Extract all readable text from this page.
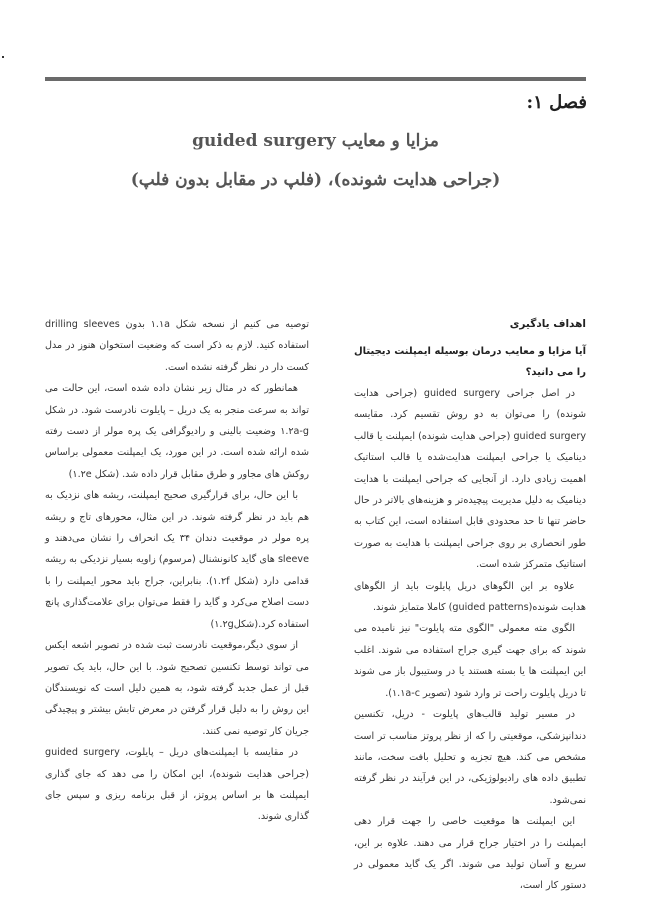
فصل ۱:
مزایا و معایب guided surgery
(جراحی هدایت شونده)، (فلپ در مقابل بدون فلپ)
اهداف یادگیری
آیا مزایا و معایب درمان بوسیله ایمپلنت دیجیتال را می دانید؟

در اصل جراحی guided surgery (جراحی هدایت شونده) را می‌توان به دو روش تقسیم کرد. مقایسه guided surgery (جراحی هدایت شونده) ایمپلنت یا قالب دینامیک یا جراحی ایمپلنت هدایت‌شده یا قالب استاتیک اهمیت زیادی دارد. از آنجایی که جراحی ایمپلنت با هدایت دینامیک به دلیل مدیریت پیچیده‌تر و هزینه‌های بالاتر در حال حاضر تنها تا حد محدودی قابل استفاده است، این کتاب به طور انحصاری بر روی جراحی ایمپلنت با هدایت به صورت استاتیک متمرکز شده است.

علاوه بر این الگوهای دریل پایلوت باید از الگوهای هدایت شونده(guided patterns) کاملا متمایز شوند.

الگوی مته معمولی "الگوی مته پایلوت" نیز نامیده می شوند که برای جهت گیری جراح استفاده می شوند. اغلب این ایمپلنت ها یا بسته هستند یا در وستیبول باز می شوند تا دریل پایلوت راحت تر وارد شود (تصویر ۱.۱a-c).

در مسیر تولید قالب‌های پایلوت - دریل، تکنسین دندانپزشکی، موقعیتی را که از نظر پروتز مناسب تر است مشخص می کند. هیچ تجزیه و تحلیل بافت سخت، مانند تطبیق داده های رادیولوژیکی، در این فرآیند در نظر گرفته نمی‌شود.

این ایمپلنت ها موقعیت خاصی را جهت قرار دهی ایمپلنت را در اختیار جراح قرار می دهند. علاوه بر این، سریع و آسان تولید می شوند. اگر یک گاید معمولی در دستور کار است،

توصیه می کنیم از نسخه شکل ۱.۱a بدون drilling sleeves استفاده کنید. لازم به ذکر است که وضعیت استخوان هنوز در مدل کست دار در نظر گرفته نشده است.

همانطور که در مثال زیر نشان داده شده است، این حالت می تواند به سرعت منجر به یک دریل – پایلوت نادرست شود. در شکل ۱.۲a-g وضعیت بالینی و رادیوگرافی یک پره مولر از دست رفته شده ارائه شده است. در این مورد، یک ایمپلنت معمولی براساس روکش های مجاور و طرق مقابل قرار داده شد. (شکل ۱.۲e)

با این حال، برای قرارگیری صحیح ایمپلنت، ریشه های نزدیک به هم باید در نظر گرفته شوند. در این مثال، محورهای تاج و ریشه پره مولر در موقعیت دندان ۳۴ یک انحراف را نشان می‌دهند و sleeve های گاید کانونشنال (مرسوم) زاویه بسیار نزدیکی به ریشه قدامی دارد (شکل ۱.۲f). بنابراین، جراح باید محور ایمپلنت را با دست اصلاح می‌کرد و گاید را فقط می‌توان برای علامت‌گذاری پانچ استفاده کرد.(شکل۱.۲g)

از سوی دیگر،موقعیت نادرست ثبت شده در تصویر اشعه ایکس می تواند توسط تکنسین تصحیح شود. با این حال، باید یک تصویر قبل از عمل جدید گرفته شود، به همین دلیل است که نویسندگان این روش را به دلیل قرار گرفتن در معرض تابش بیشتر و پیچیدگی جریان کار توصیه نمی کنند.

در مقایسه با ایمپلنت‌های دریل – پایلوت، guided surgery (جراحی هدایت شونده)، این امکان را می دهد که جای گذاری ایمپلنت ها بر اساس پروتز، از قبل برنامه ریزی و سپس جای گذاری شوند.
